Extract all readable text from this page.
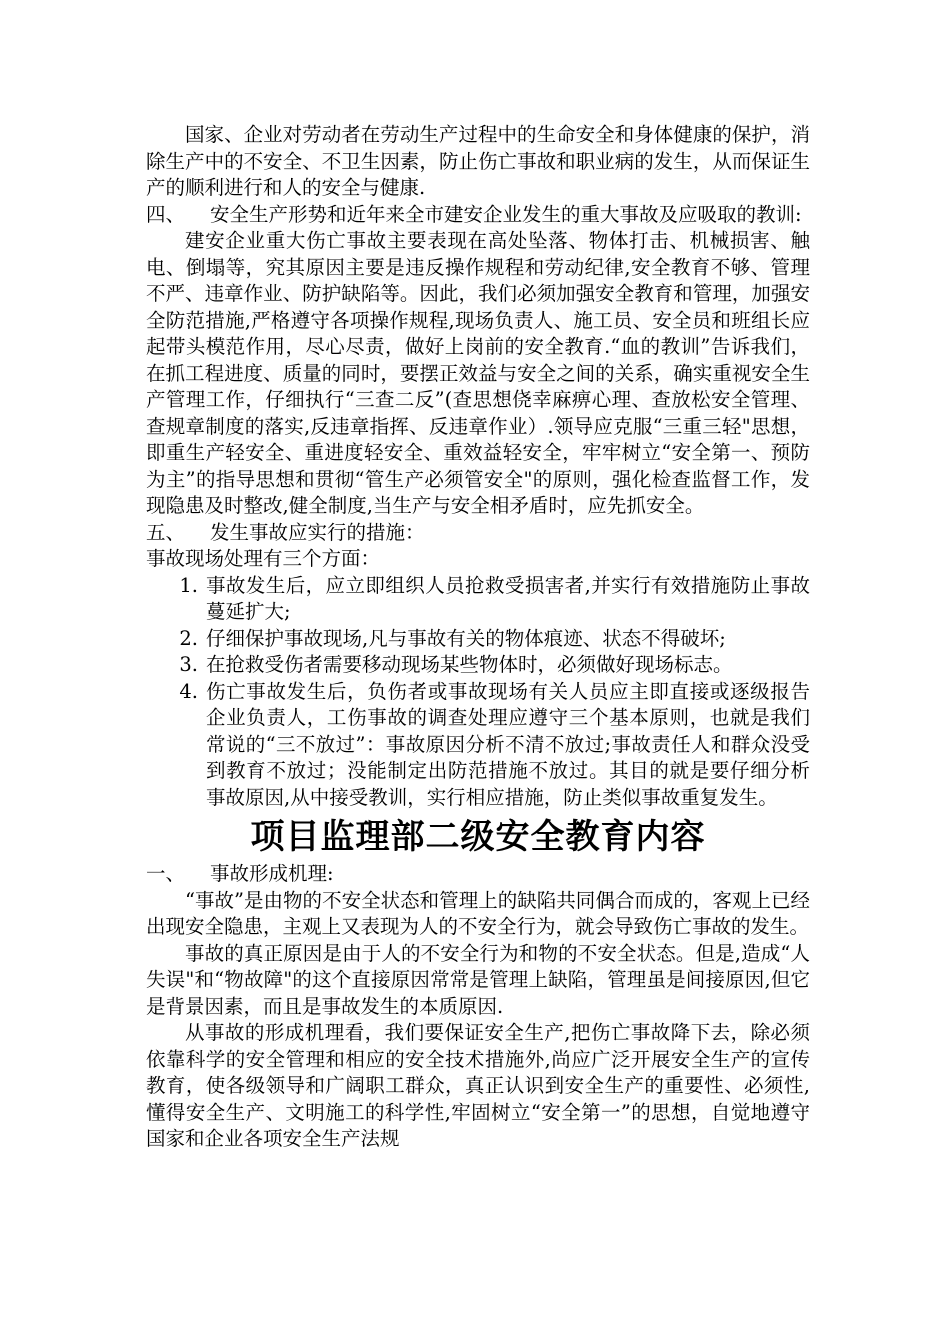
国家、企业对劳动者在劳动生产过程中的生命安全和身体健康的保护，消除生产中的不安全、不卫生因素，防止伤亡事故和职业病的发生，从而保证生产的顺利进行和人的安全与健康.

四、	安全生产形势和近年来全市建安企业发生的重大事故及应吸取的教训:

建安企业重大伤亡事故主要表现在高处坠落、物体打击、机械损害、触电、倒塌等，究其原因主要是违反操作规程和劳动纪律,安全教育不够、管理不严、违章作业、防护缺陷等。因此，我们必须加强安全教育和管理，加强安全防范措施,严格遵守各项操作规程,现场负责人、施工员、安全员和班组长应起带头模范作用，尽心尽责，做好上岗前的安全教育.“血的教训”告诉我们，在抓工程进度、质量的同时，要摆正效益与安全之间的关系，确实重视安全生产管理工作，仔细执行“三查二反”(查思想侥幸麻痹心理、查放松安全管理、查规章制度的落实,反违章指挥、反违章作业）.领导应克服“三重三轻"思想，即重生产轻安全、重进度轻安全、重效益轻安全，牢牢树立“安全第一、预防为主”的指导思想和贯彻“管生产必须管安全"的原则，强化检查监督工作，发现隐患及时整改,健全制度,当生产与安全相矛盾时，应先抓安全。

五、	发生事故应实行的措施：

事故现场处理有三个方面：

1. 事故发生后，应立即组织人员抢救受损害者,并实行有效措施防止事故蔓延扩大;
2. 仔细保护事故现场,凡与事故有关的物体痕迹、状态不得破坏;
3. 在抢救受伤者需要移动现场某些物体时，必须做好现场标志。
4. 伤亡事故发生后，负伤者或事故现场有关人员应主即直接或逐级报告企业负责人，工伤事故的调查处理应遵守三个基本原则，也就是我们常说的“三不放过”：事故原因分析不清不放过;事故责任人和群众没受到教育不放过；没能制定出防范措施不放过。其目的就是要仔细分析事故原因,从中接受教训，实行相应措施，防止类似事故重复发生。
项目监理部二级安全教育内容
一、	事故形成机理:

“事故”是由物的不安全状态和管理上的缺陷共同偶合而成的，客观上已经出现安全隐患，主观上又表现为人的不安全行为，就会导致伤亡事故的发生。

事故的真正原因是由于人的不安全行为和物的不安全状态。但是,造成“人失误"和“物故障"的这个直接原因常常是管理上缺陷，管理虽是间接原因,但它是背景因素，而且是事故发生的本质原因.

从事故的形成机理看，我们要保证安全生产,把伤亡事故降下去，除必须依靠科学的安全管理和相应的安全技术措施外,尚应广泛开展安全生产的宣传教育，使各级领导和广阔职工群众，真正认识到安全生产的重要性、必须性,懂得安全生产、文明施工的科学性,牢固树立“安全第一”的思想，自觉地遵守国家和企业各项安全生产法规
